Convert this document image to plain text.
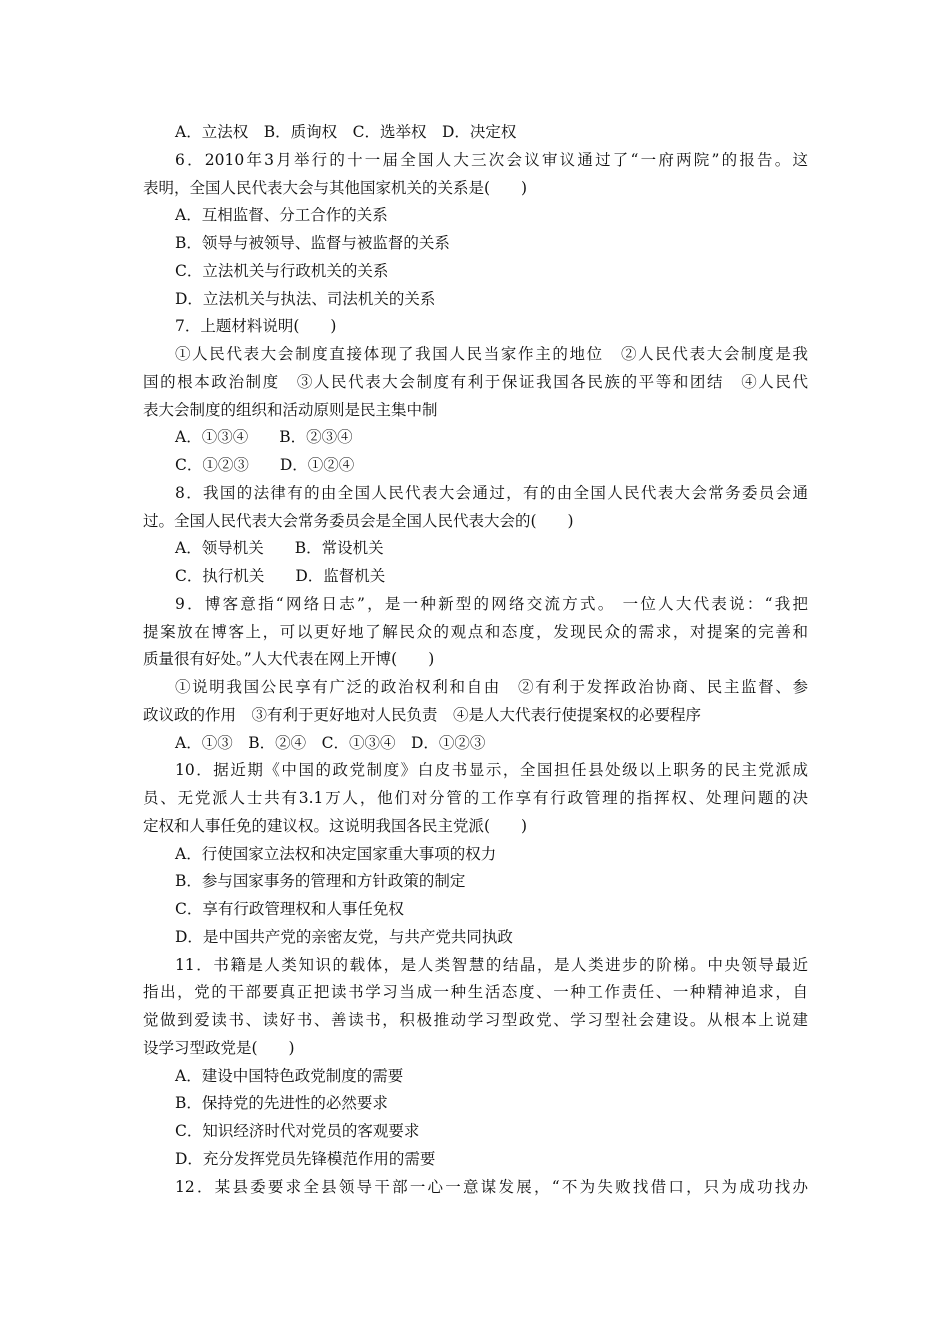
A．立法权　B．质询权　C．选举权　D．决定权
6．2010年3月举行的十一届全国人大三次会议审议通过了“一府两院”的报告。这
表明，全国人民代表大会与其他国家机关的关系是(　　)
A．互相监督、分工合作的关系
B．领导与被领导、监督与被监督的关系
C．立法机关与行政机关的关系
D．立法机关与执法、司法机关的关系
7．上题材料说明(　　)
①人民代表大会制度直接体现了我国人民当家作主的地位　②人民代表大会制度是我
国的根本政治制度　③人民代表大会制度有利于保证我国各民族的平等和团结　④人民代
表大会制度的组织和活动原则是民主集中制
A．①③④　　B．②③④
C．①②③　　D．①②④
8．我国的法律有的由全国人民代表大会通过，有的由全国人民代表大会常务委员会通
过。全国人民代表大会常务委员会是全国人民代表大会的(　　)
A．领导机关　　B．常设机关
C．执行机关　　D．监督机关
9．博客意指“网络日志”，是一种新型的网络交流方式。 一位人大代表说：“我把
提案放在博客上，可以更好地了解民众的观点和态度，发现民众的需求，对提案的完善和
质量很有好处。”人大代表在网上开博(　　)
①说明我国公民享有广泛的政治权利和自由　②有利于发挥政治协商、民主监督、参
政议政的作用　③有利于更好地对人民负责　④是人大代表行使提案权的必要程序
A．①③　B．②④　C．①③④　D．①②③
10．据近期《中国的政党制度》白皮书显示，全国担任县处级以上职务的民主党派成
员、无党派人士共有3.1万人，他们对分管的工作享有行政管理的指挥权、处理问题的决
定权和人事任免的建议权。这说明我国各民主党派(　　)
A．行使国家立法权和决定国家重大事项的权力
B．参与国家事务的管理和方针政策的制定
C．享有行政管理权和人事任免权
D．是中国共产党的亲密友党，与共产党共同执政
11．书籍是人类知识的载体，是人类智慧的结晶，是人类进步的阶梯。中央领导最近
指出，党的干部要真正把读书学习当成一种生活态度、一种工作责任、一种精神追求，自
觉做到爱读书、读好书、善读书，积极推动学习型政党、学习型社会建设。从根本上说建
设学习型政党是(　　)
A．建设中国特色政党制度的需要
B．保持党的先进性的必然要求
C．知识经济时代对党员的客观要求
D．充分发挥党员先锋模范作用的需要
12．某县委要求全县领导干部一心一意谋发展，“不为失败找借口，只为成功找办
